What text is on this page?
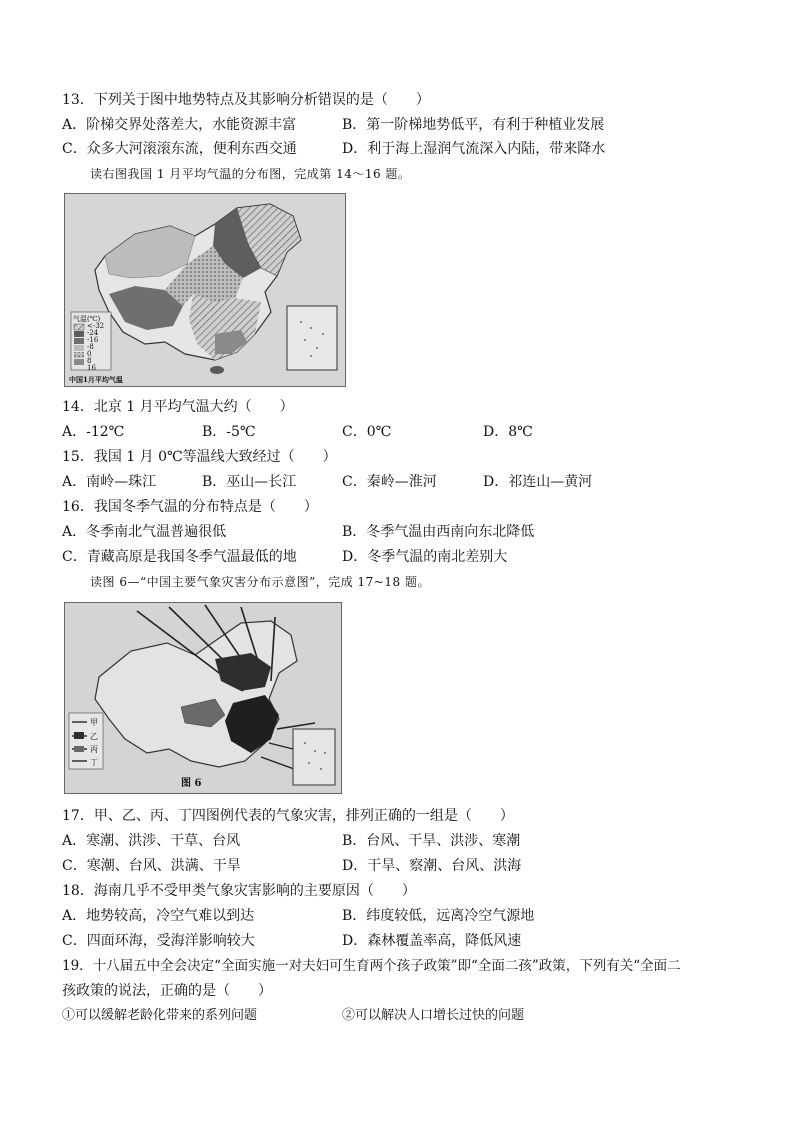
13．下列关于图中地势特点及其影响分析错误的是（　　）
A．阶梯交界处落差大，水能资源丰富	B．第一阶梯地势低平，有利于种植业发展
C．众多大河滚滚东流，便利东西交通	D．利于海上湿润气流深入内陆，带来降水
读右图我国 1 月平均气温的分布图，完成第 14～16 题。
气温(℃)
<-32
-24
-16
-8
0
8
16
中国1月平均气温
14．北京 1 月平均气温大约（　　）
A．-12℃	B．-5℃	C．0℃	D．8℃
15．我国 1 月 0℃等温线大致经过（　　）
A．南岭—珠江	B．巫山—长江	C．秦岭—淮河	D．祁连山—黄河
16．我国冬季气温的分布特点是（　　）
A．冬季南北气温普遍很低	B．冬季气温由西南向东北降低
C．青藏高原是我国冬季气温最低的地	D．冬季气温的南北差别大
读图 6—“中国主要气象灾害分布示意图”，完成 17~18 题。
甲
乙
丙
丁
图 6
17．甲、乙、丙、丁四图例代表的气象灾害，排列正确的一组是（　　）
A．寒潮、洪涉、干草、台风	B．台风、干旱、洪涉、寒潮
C．寒潮、台风、洪满、干旱	D．干旱、察潮、台风、洪海
18．海南几乎不受甲类气象灾害影响的主要原因（　　）
A．地势较高，冷空气难以到达	B．纬度较低，远离冷空气源地
C．四面环海，受海洋影响较大	D．森林覆盖率高，降低风速
19．十八届五中全会决定“全面实施一对夫妇可生育两个孩子政策”即“全面二孩”政策，下列有关“全面二
孩政策的说法，正确的是（　　）
①可以缓解老龄化带来的系列问题	②可以解决人口增长过快的问题
